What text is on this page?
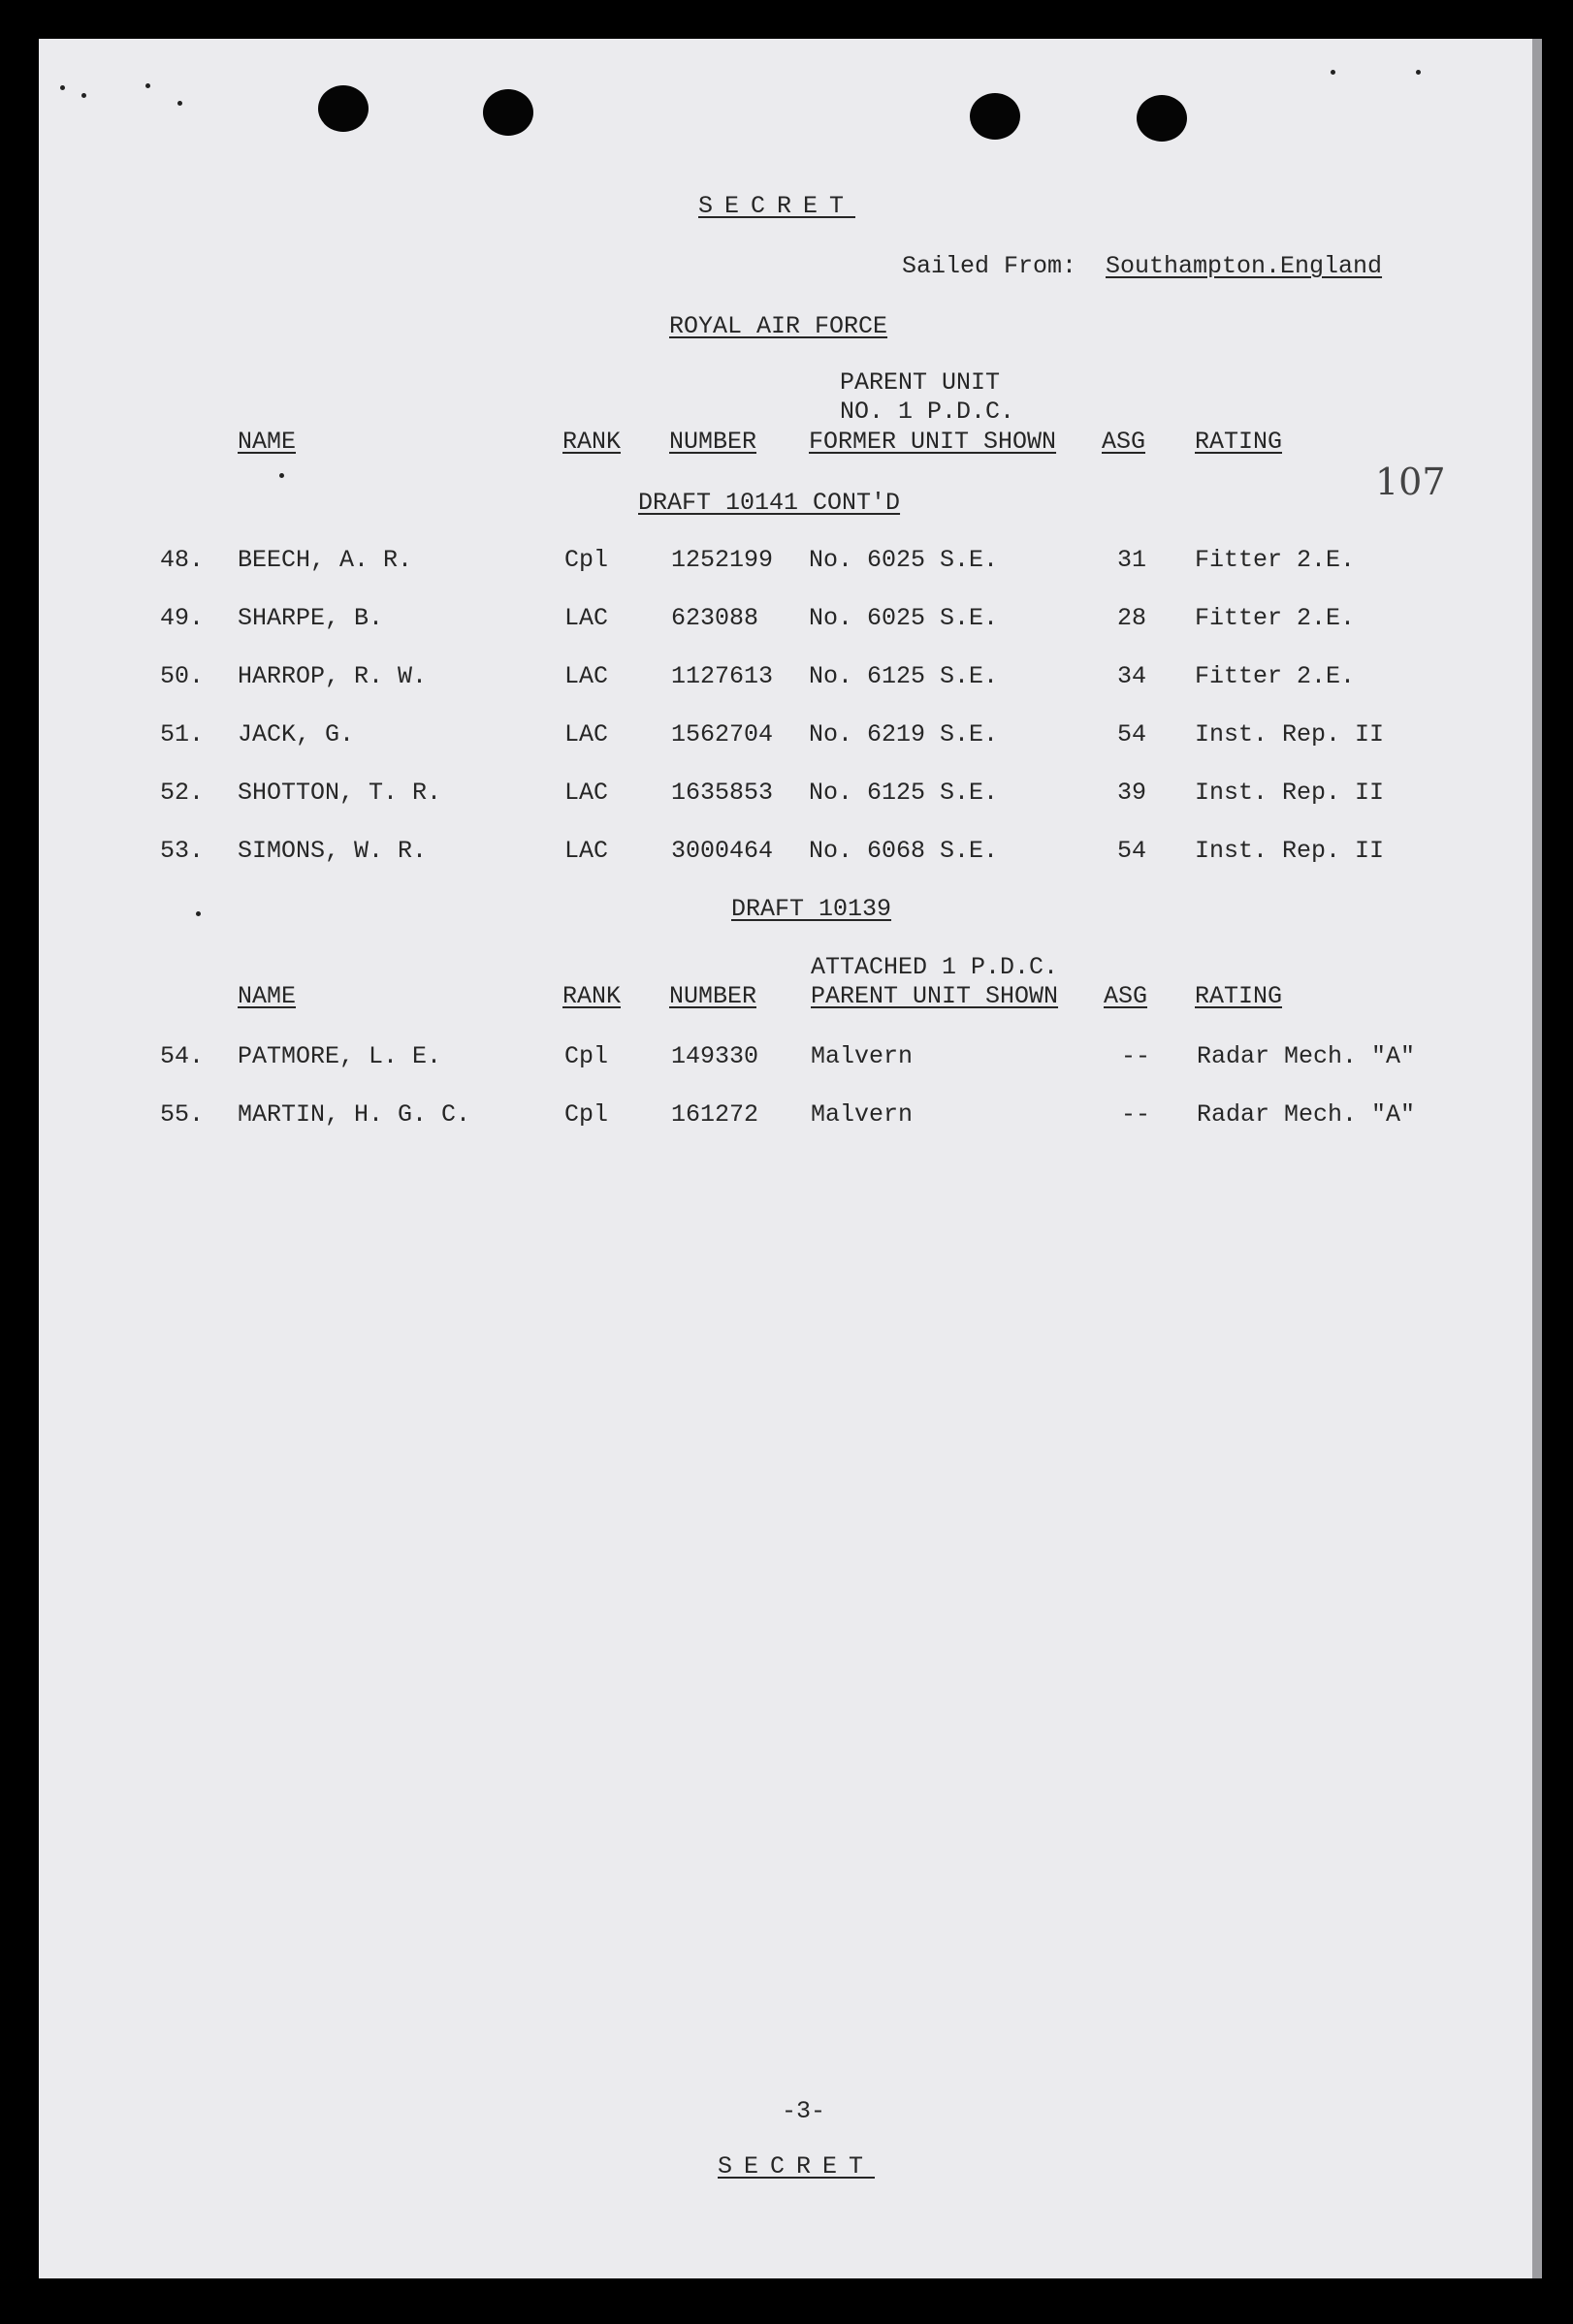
SECRET
Sailed From: Southampton.England
ROYAL AIR FORCE
PARENT UNIT
NO. 1 P.D.C.
107
NAME	RANK NUMBER FORMER UNIT SHOWN ASG RATING
DRAFT 10141 CONT'D
48. BEECH, A. R.	Cpl	1252199 No. 6025 S.E.	31 Fitter 2.E.
49. SHARPE, B.	LAC	623088 No. 6025 S.E.	28 Fitter 2.E.
50. HARROP, R. W.	LAC	1127613 No. 6125 S.E.	34 Fitter 2.E.
51. JACK, G.	LAC	1562704 No. 6219 S.E.	54 Inst. Rep. II
52. SHOTTON, T. R.	LAC	1635853 No. 6125 S.E.	39 Inst. Rep. II
53. SIMONS, W. R.	LAC	3000464 No. 6068 S.E.	54 Inst. Rep. II
DRAFT 10139
ATTACHED 1 P.D.C.
NAME	RANK NUMBER PARENT UNIT SHOWN ASG RATING
54. PATMORE, L. E.	Cpl	149330 Malvern	-- Radar Mech. "A"
55. MARTIN, H. G. C.	Cpl	161272 Malvern	-- Radar Mech. "A"
-3-
SECRET
